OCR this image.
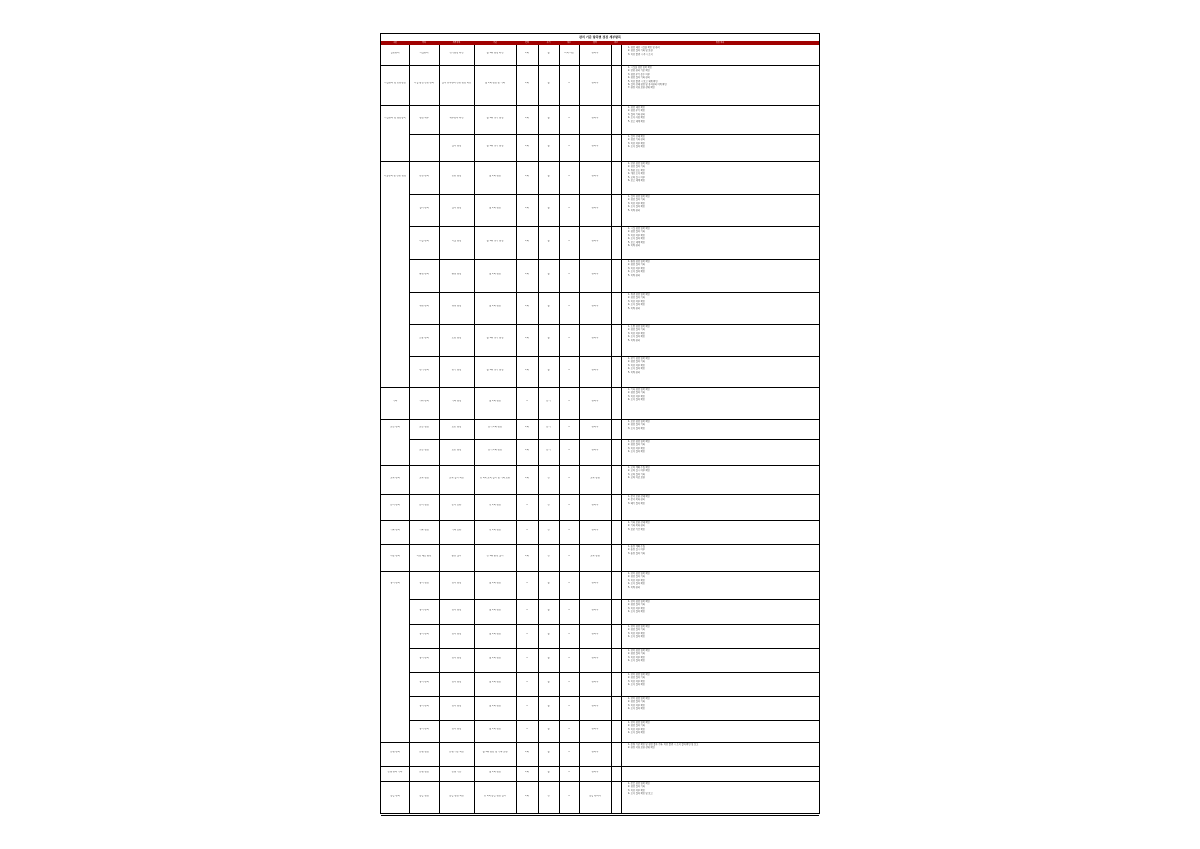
관리 기준 항목별 점검 세부항목
구분	항목	세부항목	기준	단위	주기	횟수	담당	비고	점검 내용
일반관리	시설관리	정기점검 확인	월 1회 점검 확인	1회	월	1 회 이상	관리자
1. 점검 대상 시설물 확인 및 관리
2. 점검 결과 기록 및 보관
3. 이상 발생 시 즉시 조치
시설관리 및 안전점검	시설 점검 안전 관리	설비 유지관리 안전 점검 확인	월 1회 점검 및 기록	1회	월	1	관리자
1. 시설물 점검 항목 확인
2. 안전 관리 기준 확인
3. 점검 주기 준수 여부
4. 점검 결과 기록 관리
5. 이상 발생 시 보고 체계 확인
6. 설비 상태 점검 및 유지관리 이력 확인
7. 관련 서류 보관 상태 확인
시설관리 및 점검항목	점검 세부	세부항목 확인	월 1회 정기 점검	1회	월	1	관리자
1. 점검 대상 확인
2. 점검 주기 확인
3. 결과 기록 관리
4. 조치 사항 확인
5. 보고 체계 확인
설비 점검	월 1회 정기 점검	1회	월	1	관리자
1. 설비 상태 확인
2. 점검 기록 관리
3. 이상 여부 확인
4. 조치 결과 확인
시설관리 및 안전 점검	안전 관리	안전 점검	월 1회 점검	1회	월	1	관리자
1. 안전 점검 항목 확인
2. 점검 결과 기록
3. 위험 요소 확인
4. 개선 조치 확인
5. 교육 실시 여부
6. 보고 체계 확인
설비 관리	설비 점검	월 1회 점검	1회	월	1	관리자
1. 설비 점검 항목 확인
2. 점검 결과 기록
3. 이상 여부 확인
4. 조치 결과 확인
5. 이력 관리
시설 관리	시설 점검	월 1회 정기 점검	1회	월	1	관리자
1. 시설 점검 항목 확인
2. 점검 결과 기록
3. 이상 여부 확인
4. 조치 결과 확인
5. 보고 체계 확인
6. 이력 관리
환경 관리	환경 점검	월 1회 점검	1회	월	1	관리자
1. 환경 점검 항목 확인
2. 점검 결과 기록
3. 이상 여부 확인
4. 조치 결과 확인
5. 이력 관리
위생 관리	위생 점검	월 1회 점검	1회	월	1	관리자
1. 위생 점검 항목 확인
2. 점검 결과 기록
3. 이상 여부 확인
4. 조치 결과 확인
5. 이력 관리
소방 관리	소방 점검	월 1회 정기 점검	1회	월	1	관리자
1. 소방 점검 항목 확인
2. 점검 결과 기록
3. 이상 여부 확인
4. 조치 결과 확인
5. 이력 관리
전기 관리	전기 점검	월 1회 정기 점검	1회	월	1	관리자
1. 전기 점검 항목 확인
2. 점검 결과 기록
3. 이상 여부 확인
4. 조치 결과 확인
5. 이력 관리
기타	기타 관리	기타 점검	월 1회 점검	1	분기	1	관리자
1. 기타 점검 항목 확인
2. 점검 결과 기록
3. 이상 여부 확인
4. 조치 결과 확인
보안 관리	보안 점검	보안 점검	분기 1회 점검	1회	분기	1	관리자
1. 보안 점검 항목 확인
2. 점검 결과 기록
3. 조치 결과 확인
보안 점검	보안 점검	분기 1회 점검	1회	분기	1	관리자
1. 보안 점검 항목 확인
2. 점검 결과 기록
3. 이상 여부 확인
4. 조치 결과 확인
교육 관리	교육 점검	교육 실시 확인	연 1회 교육 실시 및 기록 보관	1회	연	1	교육 담당
1. 교육 계획 수립 확인
2. 교육 실시 여부 확인
3. 교육 결과 기록
4. 교육 자료 보관
문서 관리	문서 점검	문서 보관	연 1회 점검	1	연	1	관리자
1. 문서 보관 상태 확인
2. 문서 목록 관리
3. 폐기 절차 확인
기록 관리	기록 점검	기록 보관	연 1회 점검	1	연	1	관리자
1. 기록 보관 상태 확인
2. 기록 목록 관리
3. 보존 기간 확인
비상 관리	비상 대응 훈련	훈련 실시	연 1회 훈련 실시	1회	연	1	교육 담당
1. 훈련 계획 수립
2. 훈련 실시 여부
3. 훈련 결과 기록
장비 관리	장비 점검	장비 점검	월 1회 점검	1	월	1	관리자
1. 장비 점검 항목 확인
2. 점검 결과 기록
3. 이상 여부 확인
4. 조치 결과 확인
5. 이력 관리
장비 관리	장비 점검	월 1회 점검	1	월	1	관리자
1. 장비 점검 항목 확인
2. 점검 결과 기록
3. 이상 여부 확인
4. 조치 결과 확인
장비 관리	장비 점검	월 1회 점검	1	월	1	관리자
1. 장비 점검 항목 확인
2. 점검 결과 기록
3. 이상 여부 확인
4. 조치 결과 확인
장비 관리	장비 점검	월 1회 점검	1	월	1	관리자
1. 장비 점검 항목 확인
2. 점검 결과 기록
3. 이상 여부 확인
4. 조치 결과 확인
장비 관리	장비 점검	월 1회 점검	1	월	1	관리자
1. 장비 점검 항목 확인
2. 점검 결과 기록
3. 이상 여부 확인
4. 조치 결과 확인
장비 관리	장비 점검	월 1회 점검	1	월	1	관리자
1. 장비 점검 항목 확인
2. 점검 결과 기록
3. 이상 여부 확인
4. 조치 결과 확인
장비 관리	장비 점검	월 1회 점검	1	월	1	관리자
1. 장비 점검 항목 확인
2. 점검 결과 기록
3. 이상 여부 확인
4. 조치 결과 확인
운영 관리	운영 점검	운영 기준 확인	월 1회 점검 및 기록 보관	1회	월	1	관리자
1. 운영 기준 확인 및 점검 결과 기록, 이상 발생 시 조치 결과 확인 및 보고
2. 관련 서류 보관 상태 확인
운영 관리 기타	운영 점검	운영 기준	월 1회 점검	1회	월	1	관리자
종합 관리	종합 점검	종합 점검 확인	연 1회 종합 점검 실시	1회	연	1	종합 관리자
1. 종합 점검 항목 확인
2. 점검 결과 기록
3. 이상 여부 확인
4. 조치 결과 확인 및 보고
